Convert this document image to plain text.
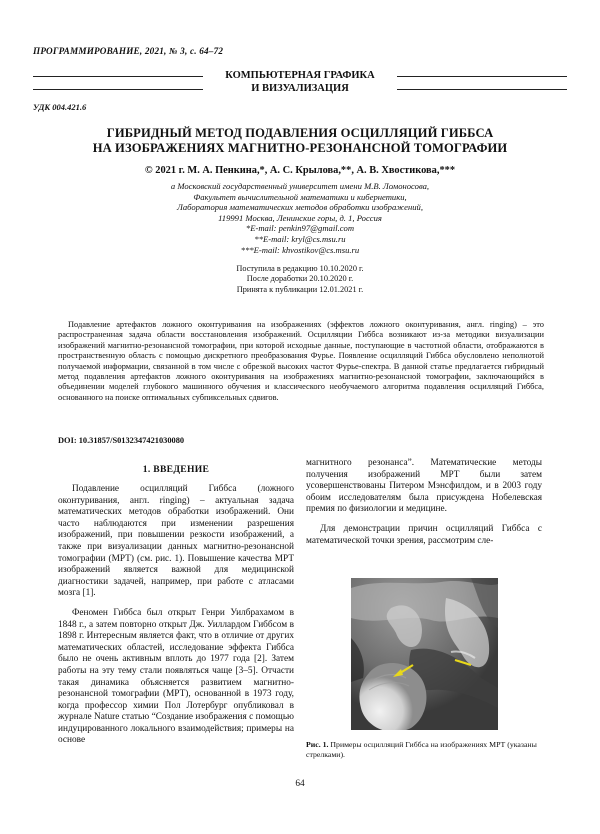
ПРОГРАММИРОВАНИЕ, 2021, № 3, с. 64–72
КОМПЬЮТЕРНАЯ ГРАФИКА
И ВИЗУАЛИЗАЦИЯ
УДК 004.421.6
ГИБРИДНЫЙ МЕТОД ПОДАВЛЕНИЯ ОСЦИЛЛЯЦИЙ ГИББСА
НА ИЗОБРАЖЕНИЯХ МАГНИТНО-РЕЗОНАНСНОЙ ТОМОГРАФИИ
© 2021 г. М. А. Пенкинa,*, А. С. Крыловa,**, А. В. Хвостиковa,***
a Московский государственный университет имени М.В. Ломоносова,
Факультет вычислительной математики и кибернетики,
Лаборатория математических методов обработки изображений,
119991 Москва, Ленинские горы, д. 1, Россия
*E-mail: penkin97@gmail.com
**E-mail: kryl@cs.msu.ru
***E-mail: khvostikov@cs.msu.ru
Поступила в редакцию 10.10.2020 г.
После доработки 20.10.2020 г.
Принята к публикации 12.01.2021 г.

Подавление артефактов ложного оконтуривания на изображениях (эффектов ложного оконтуривания, англ. ringing) – это распространенная задача области восстановления изображений. Осцилляции Гиббса возникают из-за методики визуализации изображений магнитно-резонансной томографии, при которой исходные данные, поступающие в частотной области, отображаются в пространственную область с помощью дискретного преобразования Фурье. Появление осцилляций Гиббса обусловлено неполнотой получаемой информации, связанной в том числе с обрезкой высоких частот Фурье-спектра. В данной статье предлагается гибридный метод подавления артефактов ложного оконтуривания на изображениях магнитно-резонансной томографии, заключающийся в объединении моделей глубокого машинного обучения и классического необучаемого алгоритма подавления осцилляций Гиббса, основанного на поиске оптимальных субпиксельных сдвигов.

DOI: 10.31857/S0132347421030080
1. ВВЕДЕНИЕ

Подавление осцилляций Гиббса (ложного оконтуривания, англ. ringing) – актуальная задача математических методов обработки изображений. Они часто наблюдаются при изменении разрешения изображений, при повышении резкости изображений, а также при визуализации данных магнитно-резонансной томографии (МРТ) (см. рис. 1). Повышение качества МРТ изображений является важной для медицинской диагностики задачей, например, при работе с атласами мозга [1].

Феномен Гиббса был открыт Генри Уилбрахамом в 1848 г., а затем повторно открыт Дж. Уиллардом Гиббсом в 1898 г. Интересным является факт, что в отличие от других математических областей, исследование эффекта Гиббса было не очень активным вплоть до 1977 года [2]. Затем работы на эту тему стали появляться чаще [3–5]. Отчасти такая динамика объясняется развитием магнитно-резонансной томографии (МРТ), основанной в 1973 году, когда профессор химии Пол Лотербург опубликовал в журнале Nature статью “Создание изображения с помощью индуцированного локального взаимодействия; примеры на основе

магнитного резонанса”. Математические методы получения изображений МРТ были затем усовершенствованы Питером Мэнсфилдом, и в 2003 году обоим исследователям была присуждена Нобелевская премия по физиологии и медицине.

Для демонстрации причин осцилляций Гиббса с математической точки зрения, рассмотрим сле-

Рис. 1. Примеры осцилляций Гиббса на изображениях МРТ (указаны стрелками).
64
